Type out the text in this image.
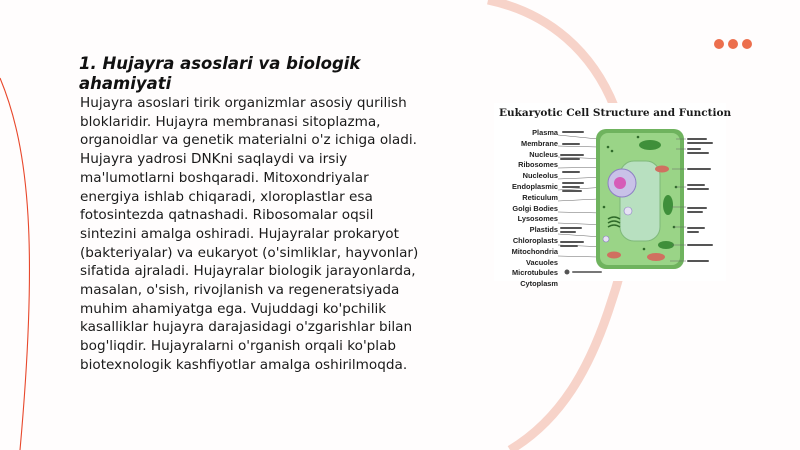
1. Hujayra asoslari va biologik ahamiyati

Hujayra asoslari tirik organizmlar asosiy qurilish bloklaridir. Hujayra membranasi sitoplazma, organoidlar va genetik materialni o'z ichiga oladi. Hujayra yadrosi DNKni saqlaydi va irsiy ma'lumotlarni boshqaradi. Mitoxondriyalar energiya ishlab chiqaradi, xloroplastlar esa fotosintezda qatnashadi. Ribosomalar oqsil sintezini amalga oshiradi. Hujayralar prokaryot (bakteriyalar) va eukaryot (o'simliklar, hayvonlar) sifatida ajraladi. Hujayralar biologik jarayonlarda, masalan, o'sish, rivojlanish va regeneratsiyada muhim ahamiyatga ega. Vujuddagi ko'pchilik kasalliklar hujayra darajasidagi o'zgarishlar bilan bog'liqdir. Hujayralarni o'rganish orqali ko'plab biotexnologik kashfiyotlar amalga oshirilmoqda.

Eukaryotic Cell Structure and Function
Plasma
Membrane
Nucleus
Ribosomes
Nucleolus
Endoplasmic
Reticulum
Golgi Bodies
Lysosomes
Plastids
Chloroplasts
Mitochondria
Vacuoles
Microtubules
Cytoplasm
